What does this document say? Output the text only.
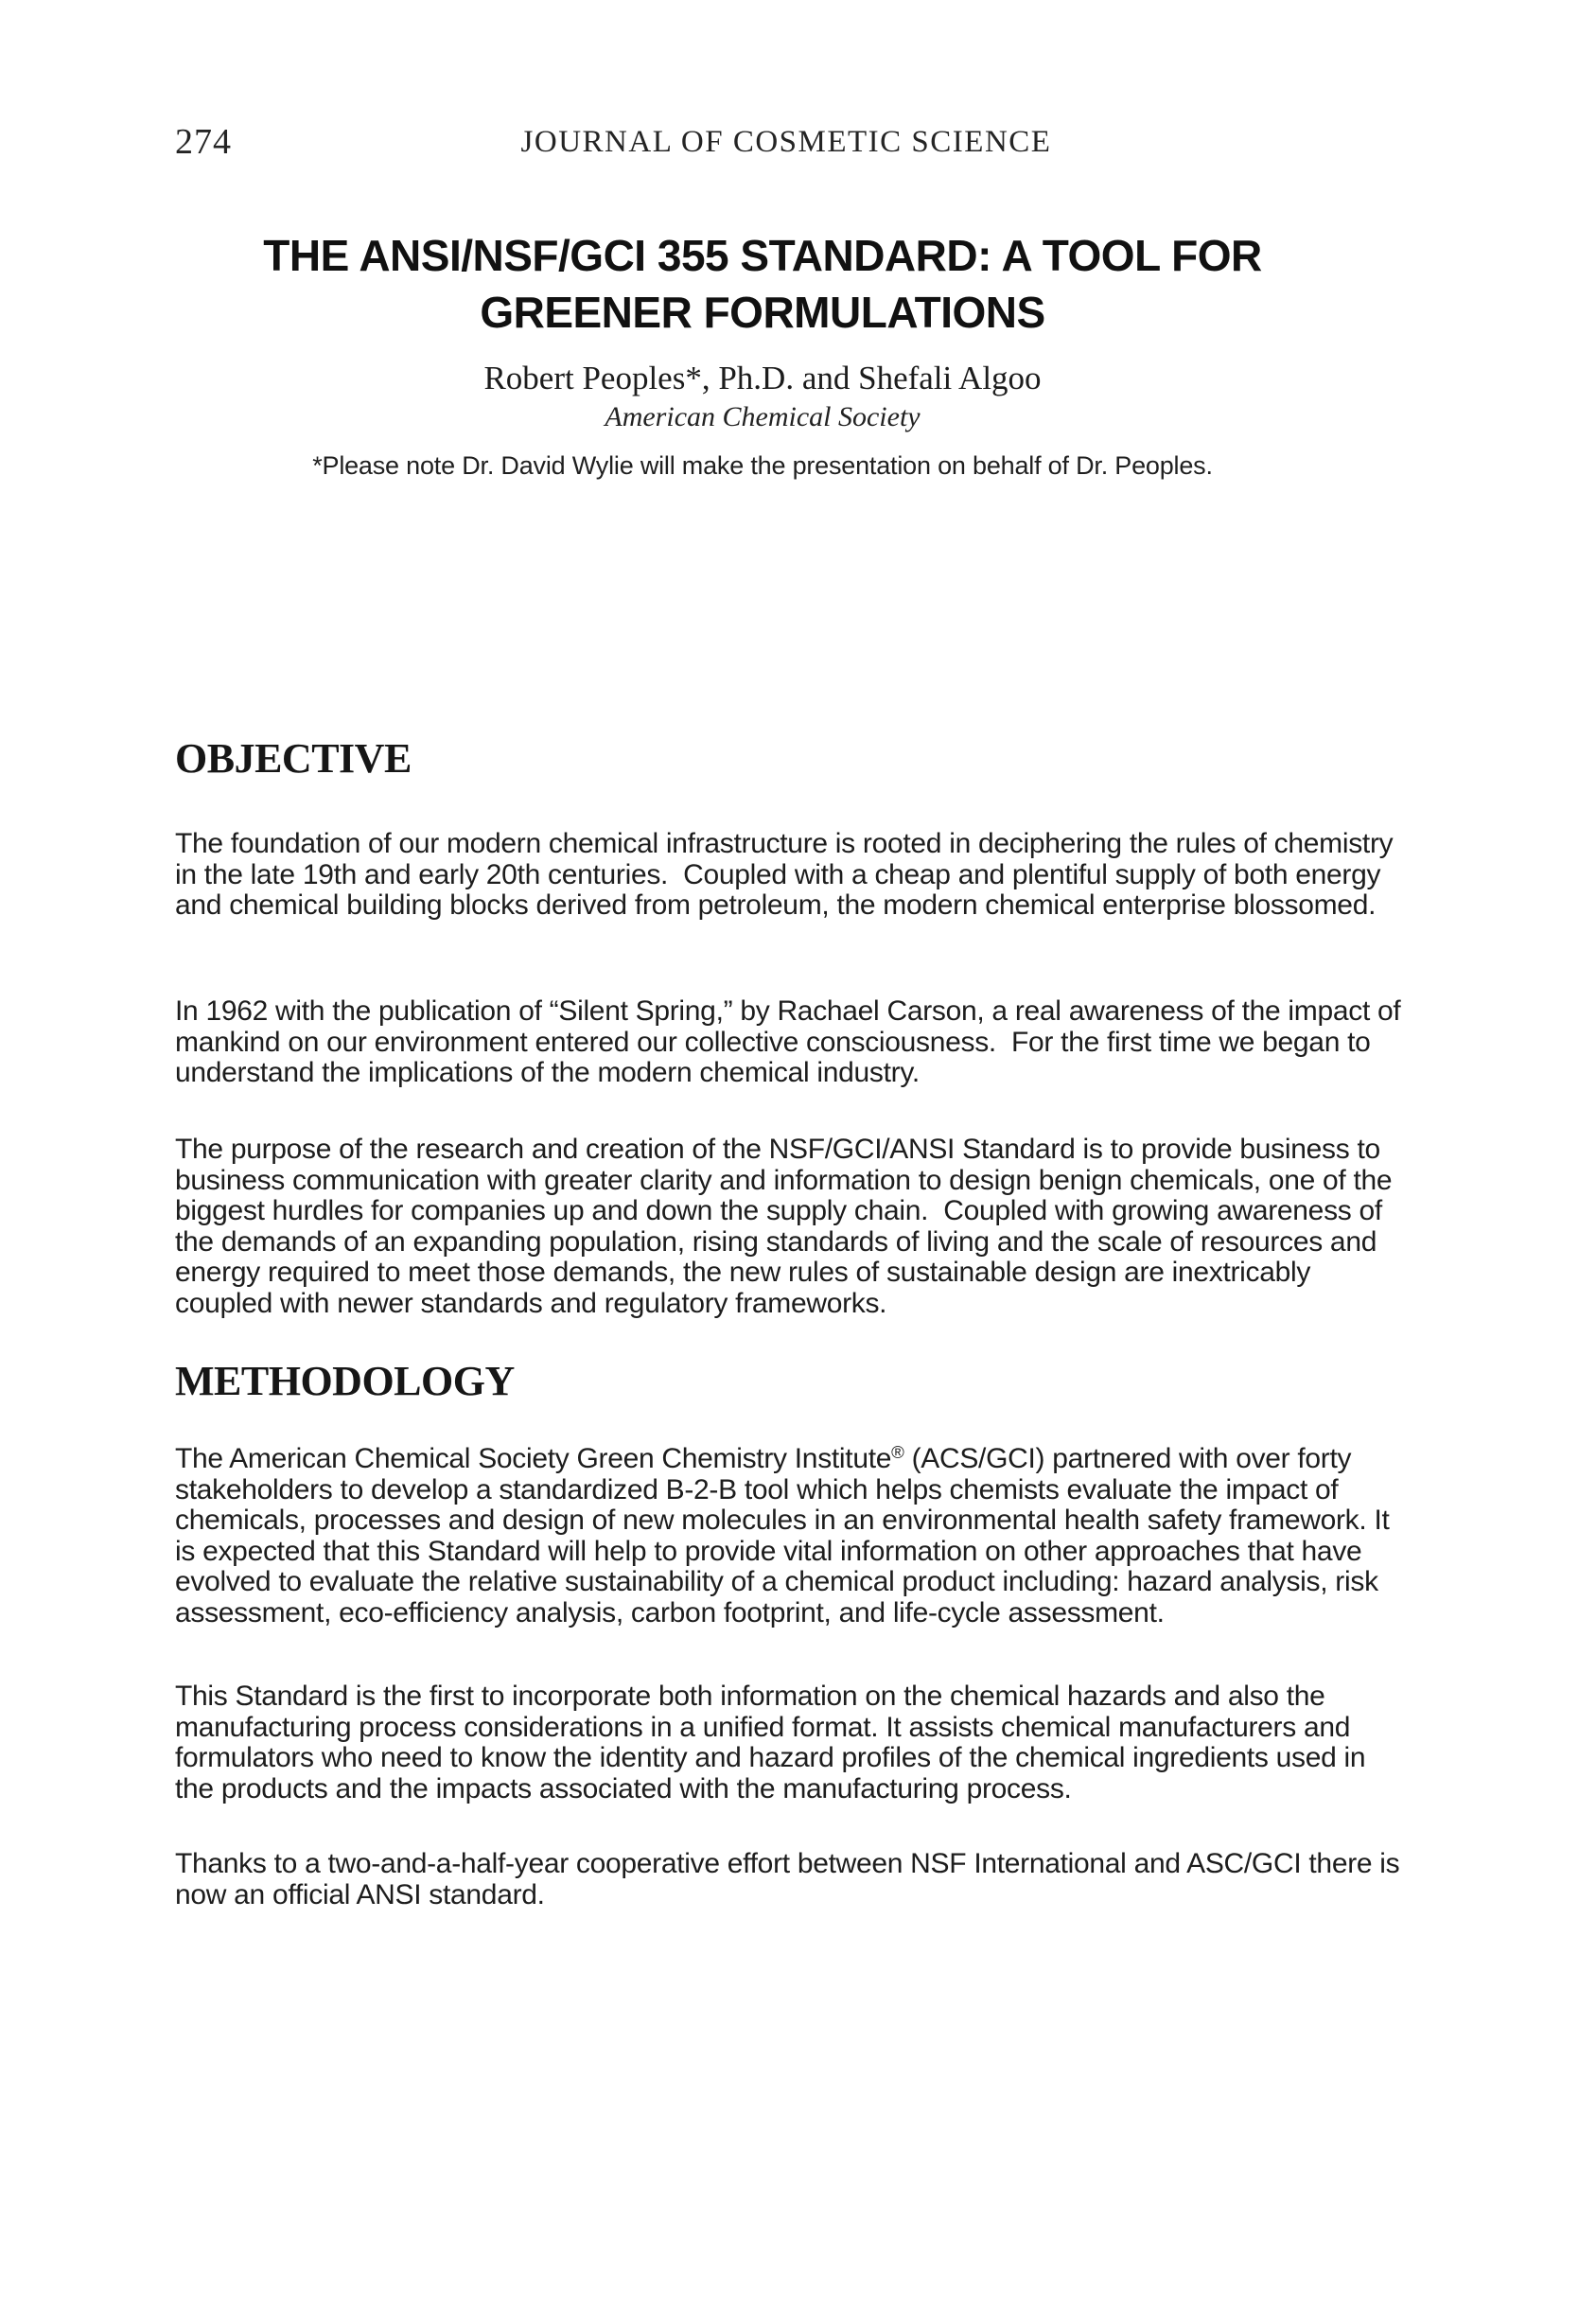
274	JOURNAL OF COSMETIC SCIENCE
THE ANSI/NSF/GCI 355 STANDARD: A TOOL FOR
GREENER FORMULATIONS
Robert Peoples*, Ph.D. and Shefali Algoo
American Chemical Society
*Please note Dr. David Wylie will make the presentation on behalf of Dr. Peoples.
OBJECTIVE

The foundation of our modern chemical infrastructure is rooted in deciphering the rules of chemistry in the late 19th and early 20th centuries.  Coupled with a cheap and plentiful supply of both energy and chemical building blocks derived from petroleum, the modern chemical enterprise blossomed.

In 1962 with the publication of “Silent Spring,” by Rachael Carson, a real awareness of the impact of mankind on our environment entered our collective consciousness.  For the first time we began to understand the implications of the modern chemical industry.

The purpose of the research and creation of the NSF/GCI/ANSI Standard is to provide business to business communication with greater clarity and information to design benign chemicals, one of the biggest hurdles for companies up and down the supply chain.  Coupled with growing awareness of the demands of an expanding population, rising standards of living and the scale of resources and energy required to meet those demands, the new rules of sustainable design are inextricably coupled with newer standards and regulatory frameworks.

METHODOLOGY

The American Chemical Society Green Chemistry Institute® (ACS/GCI) partnered with over forty stakeholders to develop a standardized B-2-B tool which helps chemists evaluate the impact of chemicals, processes and design of new molecules in an environmental health safety framework. It is expected that this Standard will help to provide vital information on other approaches that have evolved to evaluate the relative sustainability of a chemical product including: hazard analysis, risk assessment, eco-efficiency analysis, carbon footprint, and life-cycle assessment.

This Standard is the first to incorporate both information on the chemical hazards and also the manufacturing process considerations in a unified format. It assists chemical manufacturers and formulators who need to know the identity and hazard profiles of the chemical ingredients used in the products and the impacts associated with the manufacturing process.

Thanks to a two-and-a-half-year cooperative effort between NSF International and ASC/GCI there is now an official ANSI standard.
